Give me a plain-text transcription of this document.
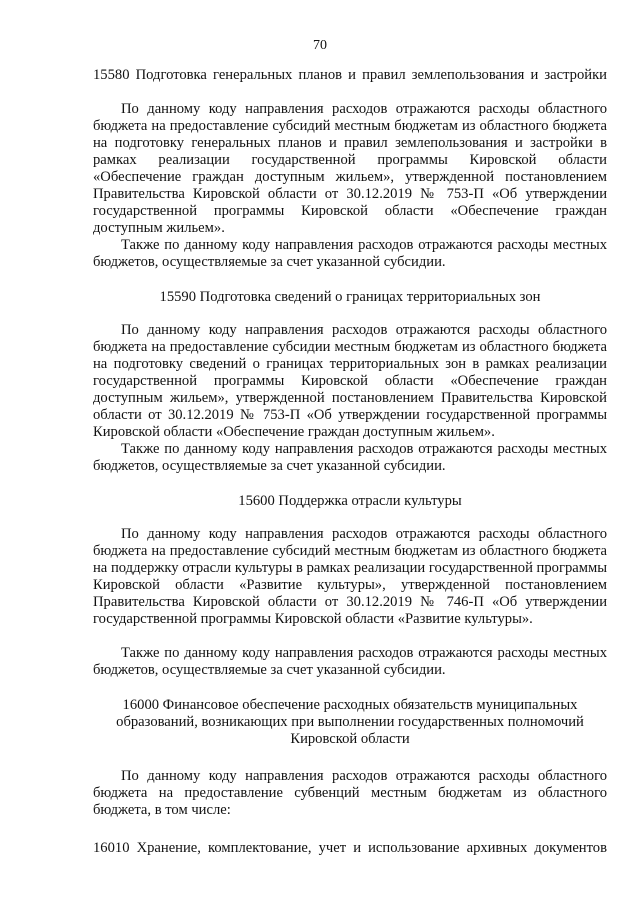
70
15580 Подготовка генеральных планов и правил землепользования и застройки
По данному коду направления расходов отражаются расходы областного бюджета на предоставление субсидий местным бюджетам из областного бюджета на подготовку генеральных планов и правил землепользования и застройки в рамках реализации государственной программы Кировской области «Обеспечение граждан доступным жильем», утвержденной постановлением Правительства Кировской области от 30.12.2019 № 753-П «Об утверждении государственной программы Кировской области «Обеспечение граждан доступным жильем».
Также по данному коду направления расходов отражаются расходы местных бюджетов, осуществляемые за счет указанной субсидии.
15590 Подготовка сведений о границах территориальных зон
По данному коду направления расходов отражаются расходы областного бюджета на предоставление субсидии местным бюджетам из областного бюджета на подготовку сведений о границах территориальных зон в рамках реализации государственной программы Кировской области «Обеспечение граждан доступным жильем», утвержденной постановлением Правительства Кировской области от 30.12.2019 № 753-П «Об утверждении государственной программы Кировской области «Обеспечение граждан доступным жильем».
Также по данному коду направления расходов отражаются расходы местных бюджетов, осуществляемые за счет указанной субсидии.
15600 Поддержка отрасли культуры
По данному коду направления расходов отражаются расходы областного бюджета на предоставление субсидий местным бюджетам из областного бюджета на поддержку отрасли культуры в рамках реализации государственной программы Кировской области «Развитие культуры», утвержденной постановлением Правительства Кировской области от 30.12.2019 № 746-П «Об утверждении государственной программы Кировской области «Развитие культуры».
Также по данному коду направления расходов отражаются расходы местных бюджетов, осуществляемые за счет указанной субсидии.
16000 Финансовое обеспечение расходных обязательств муниципальных
образований, возникающих при выполнении государственных полномочий
Кировской области
По данному коду направления расходов отражаются расходы областного бюджета на предоставление субвенций местным бюджетам из областного бюджета, в том числе:
16010 Хранение, комплектование, учет и использование архивных документов
